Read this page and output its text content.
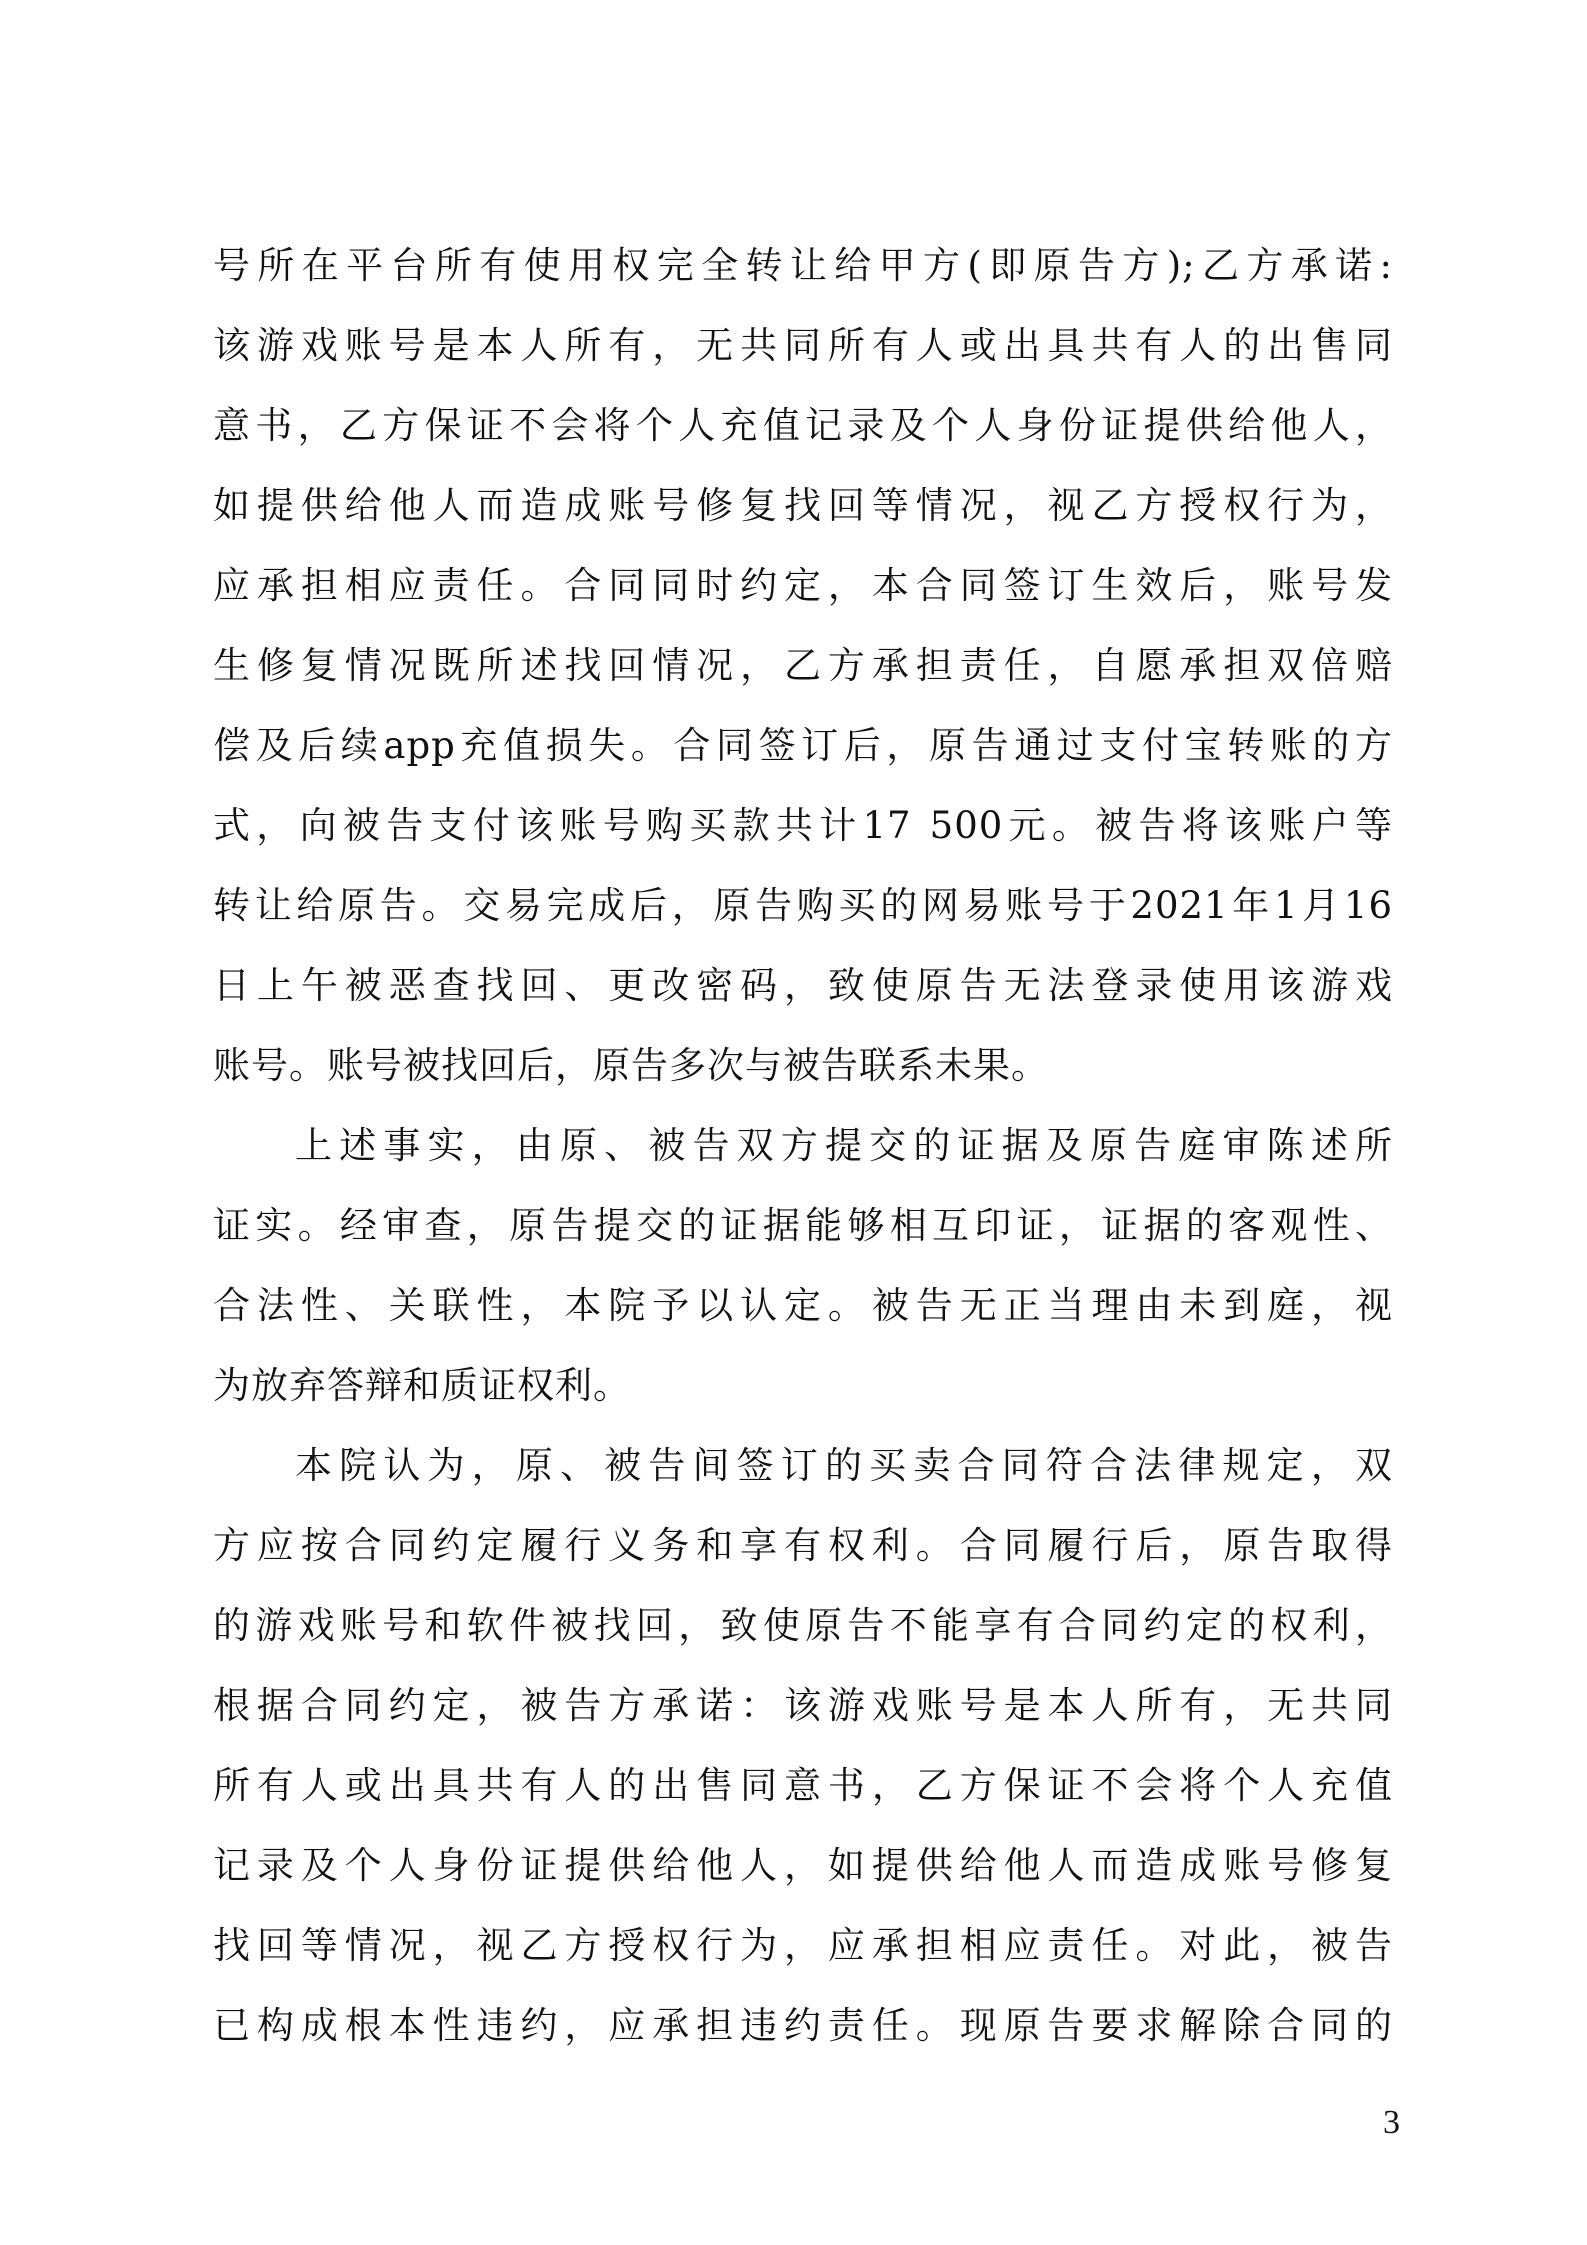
号所在平台所有使用权完全转让给甲方(即原告方);乙方承诺:
该游戏账号是本人所有，无共同所有人或出具共有人的出售同
意书，乙方保证不会将个人充值记录及个人身份证提供给他人，
如提供给他人而造成账号修复找回等情况，视乙方授权行为，
应承担相应责任。合同同时约定，本合同签订生效后，账号发
生修复情况既所述找回情况，乙方承担责任，自愿承担双倍赔
偿及后续app充值损失。合同签订后，原告通过支付宝转账的方
式，向被告支付该账号购买款共计17 500元。被告将该账户等
转让给原告。交易完成后，原告购买的网易账号于2021年1月16
日上午被恶查找回、更改密码，致使原告无法登录使用该游戏
账号。账号被找回后，原告多次与被告联系未果。
上述事实，由原、被告双方提交的证据及原告庭审陈述所
证实。经审查，原告提交的证据能够相互印证，证据的客观性、
合法性、关联性，本院予以认定。被告无正当理由未到庭，视
为放弃答辩和质证权利。
本院认为，原、被告间签订的买卖合同符合法律规定，双
方应按合同约定履行义务和享有权利。合同履行后，原告取得
的游戏账号和软件被找回，致使原告不能享有合同约定的权利，
根据合同约定，被告方承诺：该游戏账号是本人所有，无共同
所有人或出具共有人的出售同意书，乙方保证不会将个人充值
记录及个人身份证提供给他人，如提供给他人而造成账号修复
找回等情况，视乙方授权行为，应承担相应责任。对此，被告
已构成根本性违约，应承担违约责任。现原告要求解除合同的
3
